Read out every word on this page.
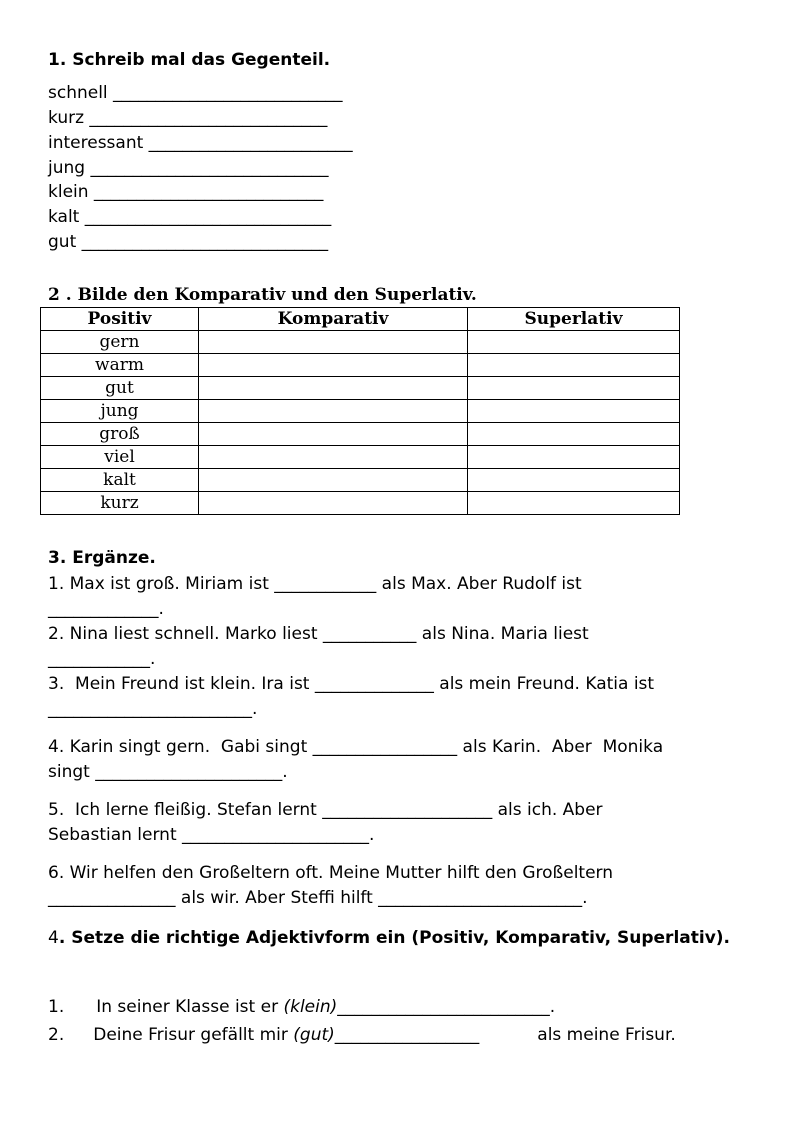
1. Schreib mal das Gegenteil.
schnell ___________________________
kurz ____________________________
interessant ________________________
jung ____________________________
klein ___________________________
kalt _____________________________
gut _____________________________
2 . Bilde den Komparativ und den Superlativ.
Positiv	Komparativ	Superlativ
gern		
warm		
gut		
jung		
groß		
viel		
kalt		
kurz		
3. Ergänze.
1. Max ist groß. Miriam ist ____________ als Max. Aber Rudolf ist
_____________.
2. Nina liest schnell. Marko liest ___________ als Nina. Maria liest
____________.
3.  Mein Freund ist klein. Ira ist ______________ als mein Freund. Katia ist
________________________.
4. Karin singt gern.  Gabi singt _________________ als Karin.  Aber  Monika
singt ______________________.
5.  Ich lerne fleißig. Stefan lernt ____________________ als ich. Aber
Sebastian lernt ______________________.
6. Wir helfen den Großeltern oft. Meine Mutter hilft den Großeltern
_______________ als wir. Aber Steffi hilft ________________________.
4. Setze die richtige Adjektivform ein (Positiv, Komparativ, Superlativ).
1. In seiner Klasse ist er (klein)_________________________.
2. Deine Frisur gefällt mir (gut)_________________	als meine Frisur.
